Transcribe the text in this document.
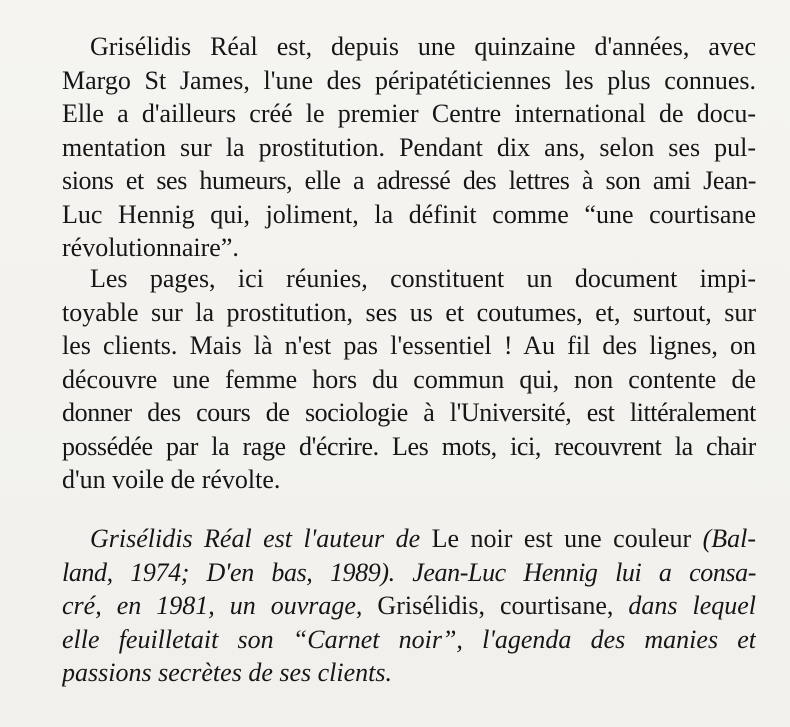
Grisélidis Réal est, depuis une quinzaine d'années, avec
Margo St James, l'une des péripatéticiennes les plus connues.
Elle a d'ailleurs créé le premier Centre international de docu-
mentation sur la prostitution. Pendant dix ans, selon ses pul-
sions et ses humeurs, elle a adressé des lettres à son ami Jean-
Luc Hennig qui, joliment, la définit comme “une courtisane
révolutionnaire”.
Les pages, ici réunies, constituent un document impi-
toyable sur la prostitution, ses us et coutumes, et, surtout, sur
les clients. Mais là n'est pas l'essentiel ! Au fil des lignes, on
découvre une femme hors du commun qui, non contente de
donner des cours de sociologie à l'Université, est littéralement
possédée par la rage d'écrire. Les mots, ici, recouvrent la chair
d'un voile de révolte.
Grisélidis Réal est l'auteur de Le noir est une couleur (Bal-
land, 1974; D'en bas, 1989). Jean-Luc Hennig lui a consa-
cré, en 1981, un ouvrage, Grisélidis, courtisane, dans lequel
elle feuilletait son “Carnet noir”, l'agenda des manies et
passions secrètes de ses clients.
